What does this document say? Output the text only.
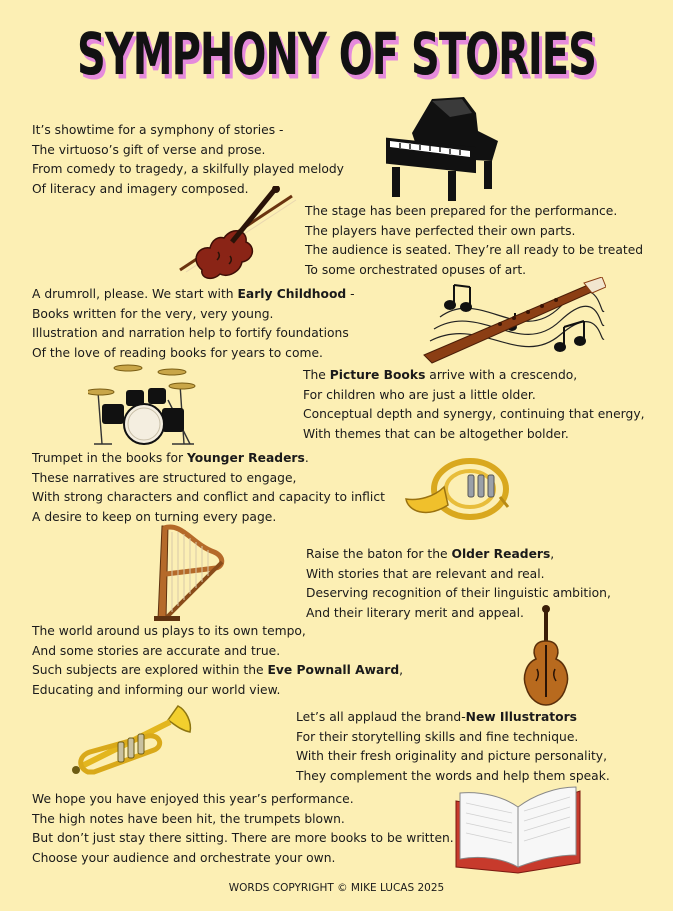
SYMPHONY OF STORIES
It’s showtime for a symphony of stories -
The virtuoso’s gift of verse and prose.
From comedy to tragedy, a skilfully played melody
Of literacy and imagery composed.
The stage has been prepared for the performance.
The players have perfected their own parts.
The audience is seated. They’re all ready to be treated
To some orchestrated opuses of art.
A drumroll, please. We start with Early Childhood -
Books written for the very, very young.
Illustration and narration help to fortify foundations
Of the love of reading books for years to come.
The Picture Books arrive with a crescendo,
For children who are just a little older.
Conceptual depth and synergy, continuing that energy,
With themes that can be altogether bolder.
Trumpet in the books for Younger Readers.
These narratives are structured to engage,
With strong characters and conflict and capacity to inflict
A desire to keep on turning every page.
Raise the baton for the Older Readers,
With stories that are relevant and real.
Deserving recognition of their linguistic ambition,
And their literary merit and appeal.
The world around us plays to its own tempo,
And some stories are accurate and true.
Such subjects are explored within the Eve Pownall Award,
Educating and informing our world view.
Let’s all applaud the brand-New Illustrators
For their storytelling skills and fine technique.
With their fresh originality and picture personality,
They complement the words and help them speak.
We hope you have enjoyed this year’s performance.
The high notes have been hit, the trumpets blown.
But don’t just stay there sitting. There are more books to be written.
Choose your audience and orchestrate your own.
WORDS COPYRIGHT © MIKE LUCAS 2025
